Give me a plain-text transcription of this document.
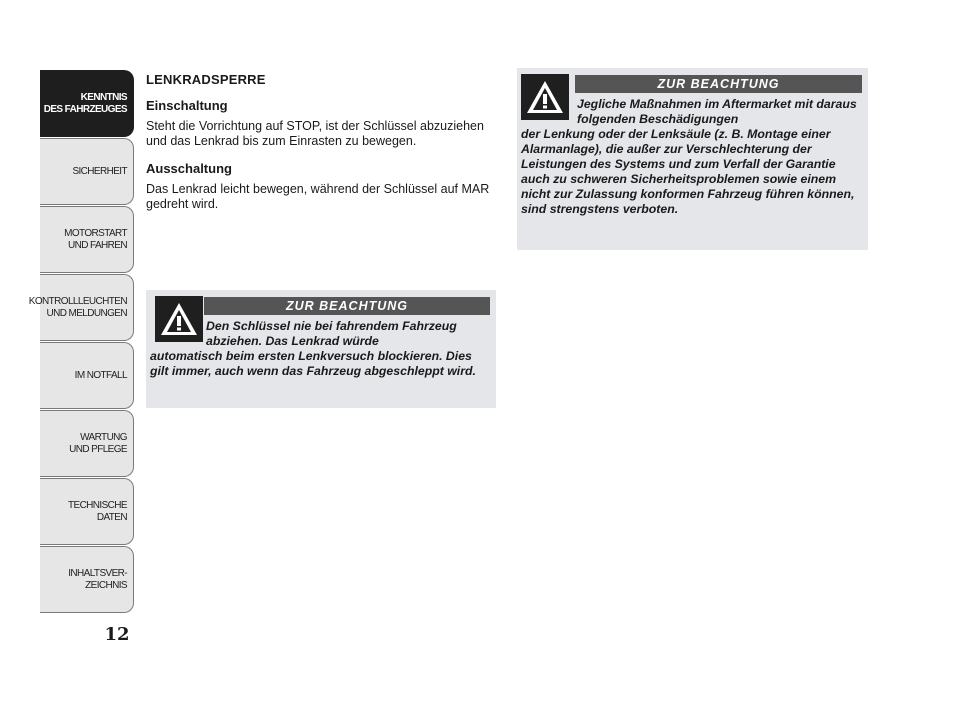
KENNTNIS
DES FAHRZEUGES
SICHERHEIT
MOTORSTART
UND FAHREN
KONTROLLLEUCHTEN
UND MELDUNGEN
IM NOTFALL
WARTUNG
UND PFLEGE
TECHNISCHE DATEN
INHALTSVER-
ZEICHNIS
12
LENKRADSPERRE
Einschaltung

Steht die Vorrichtung auf STOP, ist der Schlüssel abzuziehen und das Lenkrad bis zum Einrasten zu bewegen.

Ausschaltung

Das Lenkrad leicht bewegen, während der Schlüssel auf MAR gedreht wird.

ZUR BEACHTUNG
Den Schlüssel nie bei fahrendem Fahrzeug abziehen. Das Lenkrad würde
automatisch beim ersten Lenkversuch blockieren. Dies gilt immer, auch wenn das Fahrzeug abgeschleppt wird.
ZUR BEACHTUNG
Jegliche Maßnahmen im Aftermarket mit daraus folgenden Beschädigungen
der Lenkung oder der Lenksäule (z. B. Montage einer Alarmanlage), die außer zur Verschlechterung der Leistungen des Systems und zum Verfall der Garantie auch zu schweren Sicherheitsproblemen sowie einem nicht zur Zulassung konformen Fahrzeug führen können, sind strengstens verboten.
